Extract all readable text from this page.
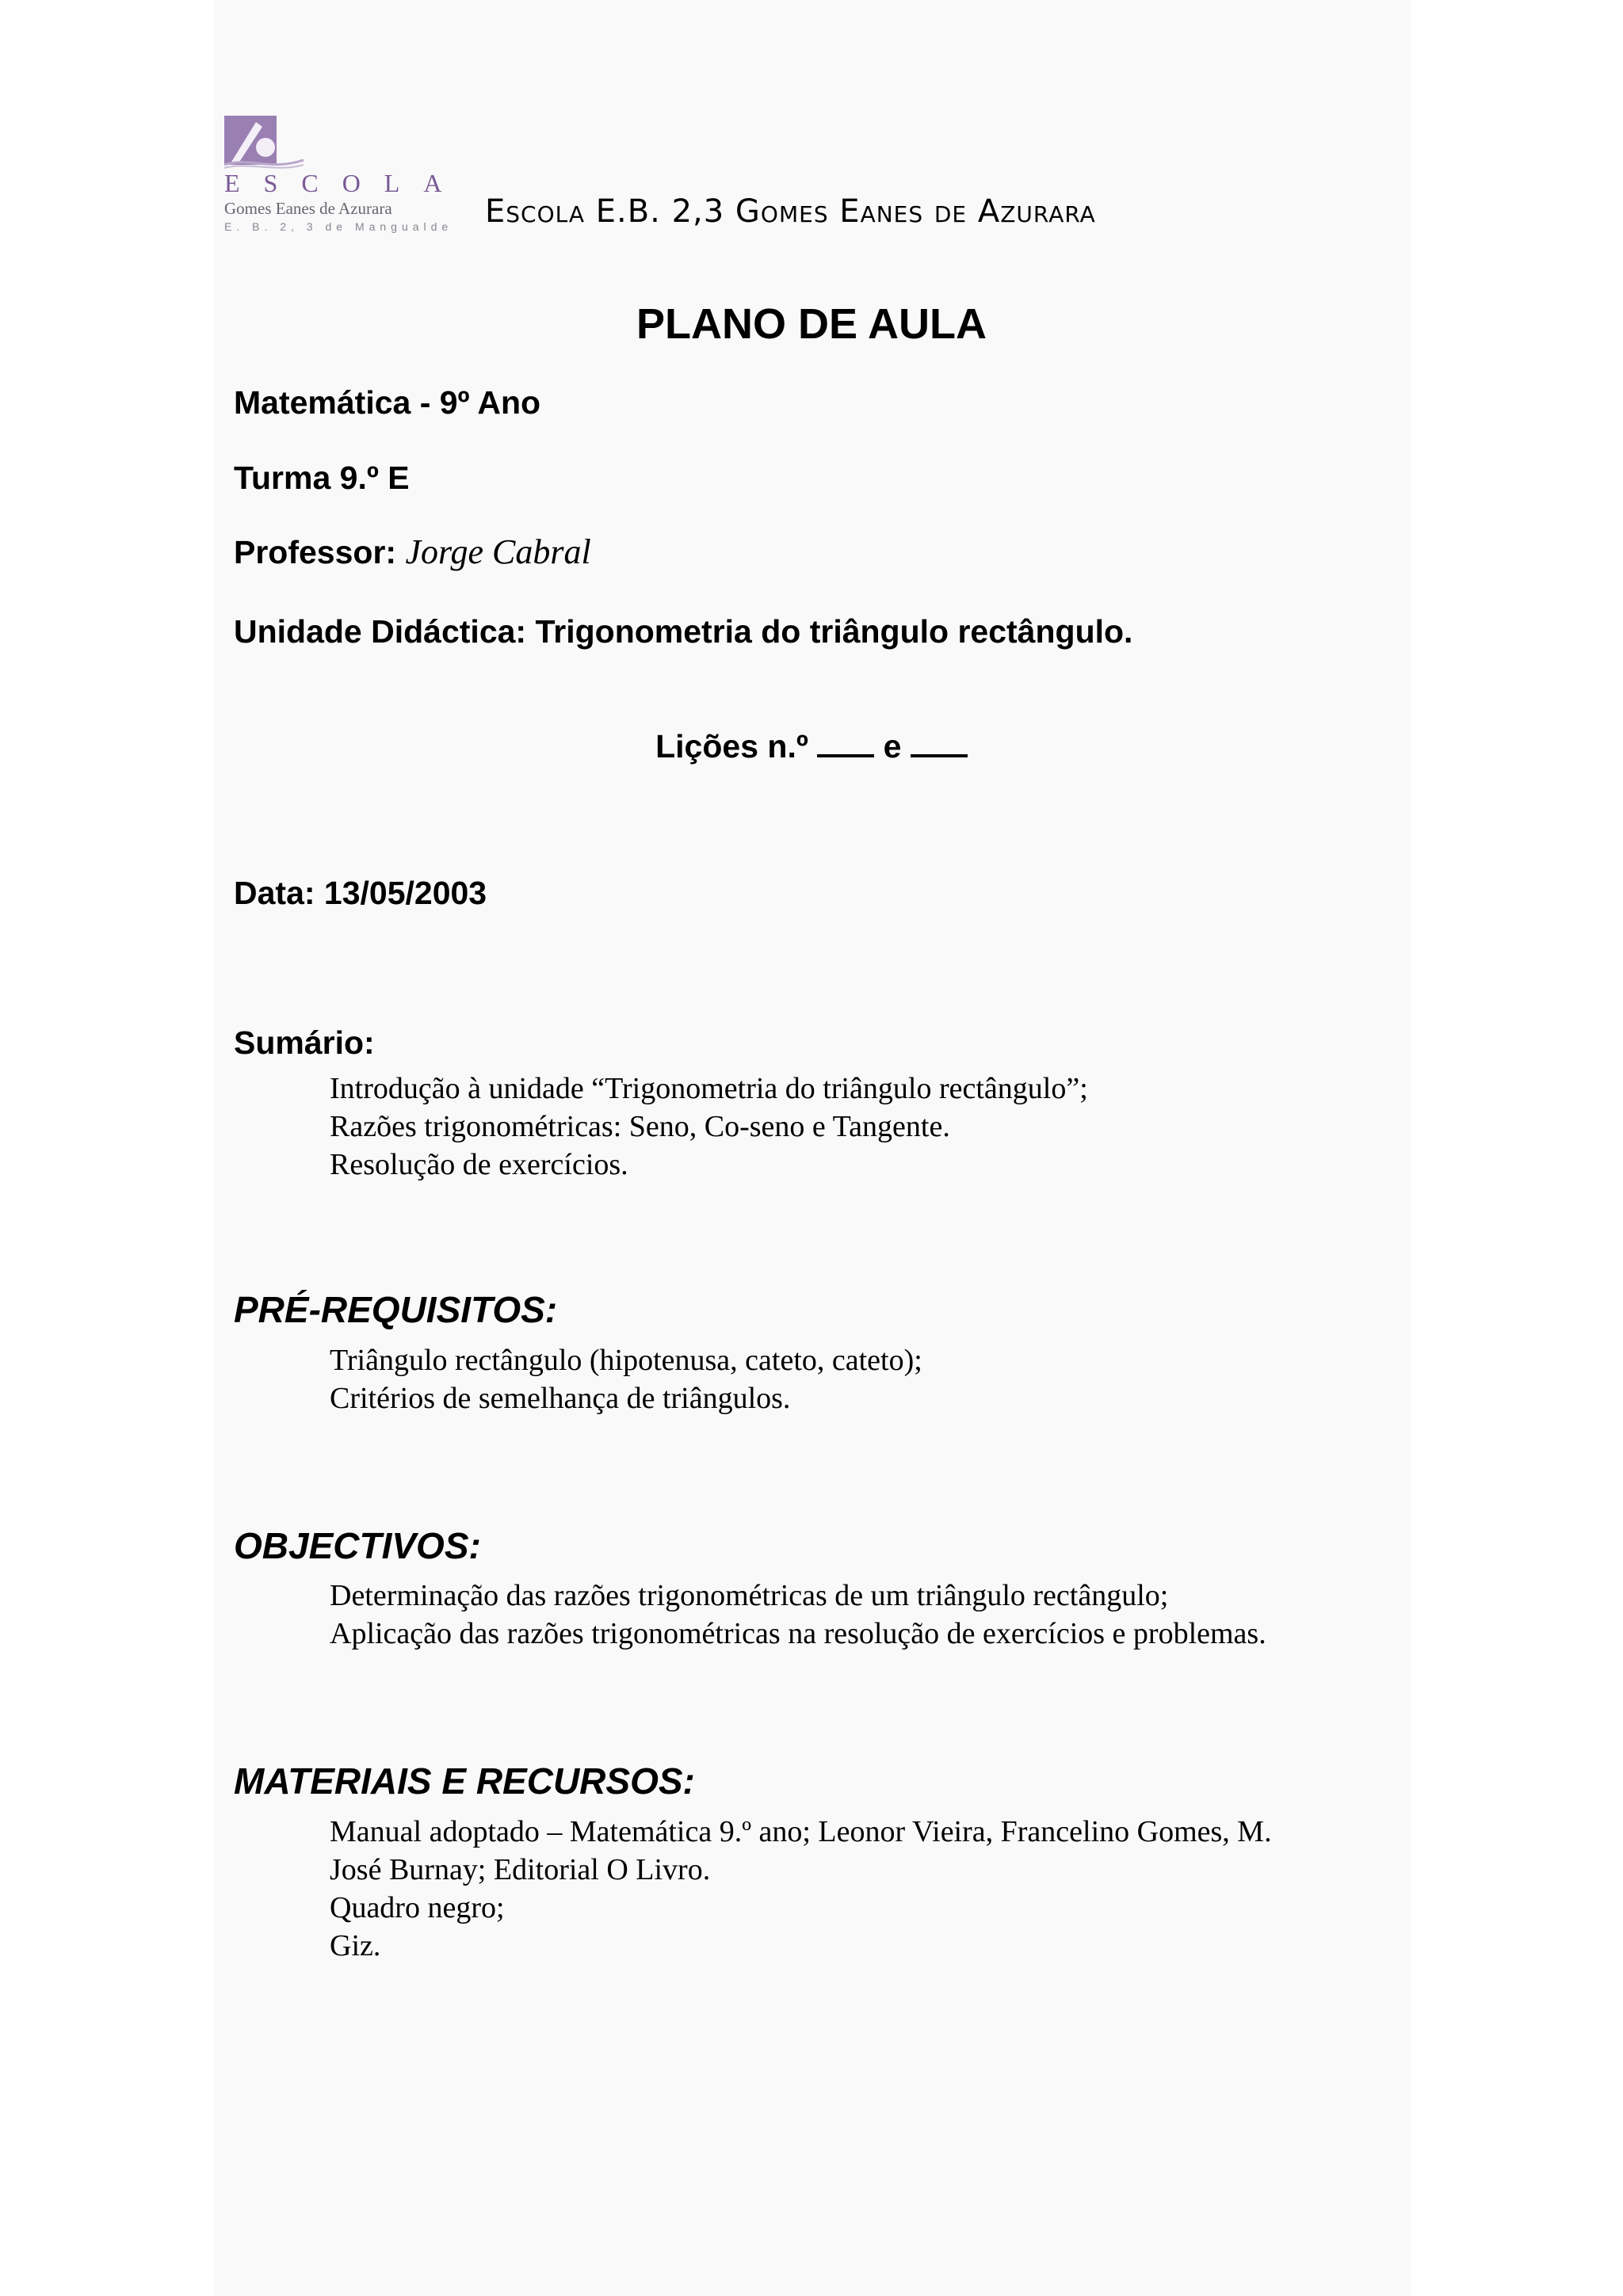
ESCOLA
Gomes Eanes de Azurara
E. B. 2, 3 de Mangualde Escola E.B. 2,3 Gomes Eanes de Azurara
PLANO DE AULA
Matemática - 9º Ano
Turma 9.º E
Professor: Jorge Cabral
Unidade Didáctica: Trigonometria do triângulo rectângulo.
Lições n.º e
Data: 13/05/2003
Sumário:
Introdução à unidade “Trigonometria do triângulo rectângulo”;
Razões trigonométricas: Seno, Co-seno e Tangente.
Resolução de exercícios.
PRÉ-REQUISITOS:
Triângulo rectângulo (hipotenusa, cateto, cateto);
Critérios de semelhança de triângulos.
OBJECTIVOS:
Determinação das razões trigonométricas de um triângulo rectângulo;
Aplicação das razões trigonométricas na resolução de exercícios e problemas.
MATERIAIS E RECURSOS:
Manual adoptado – Matemática 9.º ano; Leonor Vieira, Francelino Gomes, M.
José Burnay; Editorial O Livro.
Quadro negro;
Giz.
